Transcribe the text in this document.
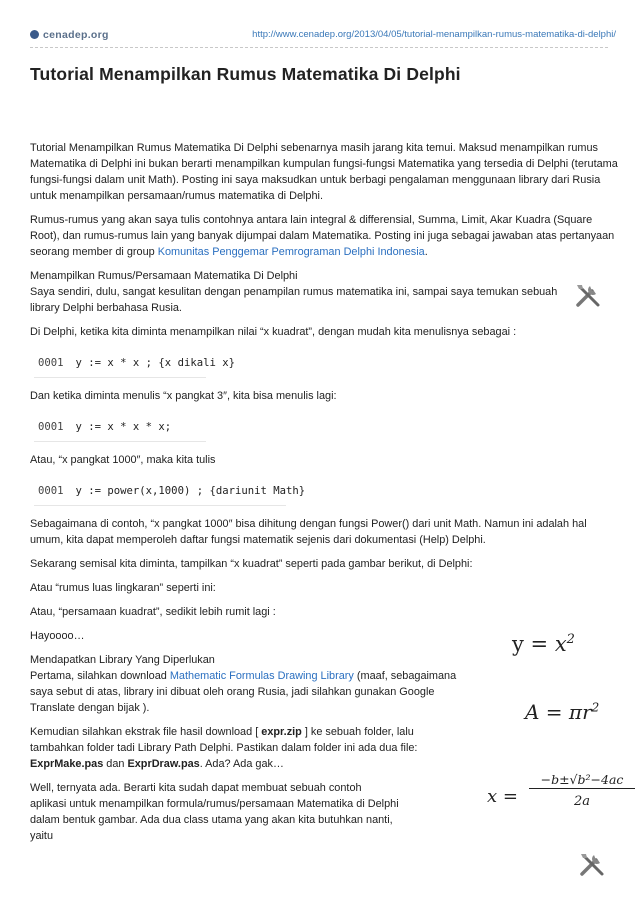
cenadep.org	http://www.cenadep.org/2013/04/05/tutorial-menampilkan-rumus-matematika-di-delphi/
Tutorial Menampilkan Rumus Matematika Di Delphi

Tutorial Menampilkan Rumus Matematika Di Delphi sebenarnya masih jarang kita temui. Maksud menampilkan rumus Matematika di Delphi ini bukan berarti menampilkan kumpulan fungsi-fungsi Matematika yang tersedia di Delphi (terutama fungsi-fungsi dalam unit Math). Posting ini saya maksudkan untuk berbagi pengalaman menggunaan library dari Rusia untuk menampilkan persamaan/rumus matematika di Delphi.

Rumus-rumus yang akan saya tulis contohnya antara lain integral & differensial, Summa, Limit, Akar Kuadra (Square Root), dan rumus-rumus lain yang banyak dijumpai dalam Matematika. Posting ini juga sebagai jawaban atas pertanyaan seorang member di group Komunitas Penggemar Pemrograman Delphi Indonesia.

Menampilkan Rumus/Persamaan Matematika Di Delphi
Saya sendiri, dulu, sangat kesulitan dengan penampilan rumus matematika ini, sampai saya temukan sebuah library Delphi berbahasa Rusia.

Di Delphi, ketika kita diminta menampilkan nilai “x kuadrat”, dengan mudah kita menulisnya sebagai :

0001 y := x * x ; {x dikali x}

Dan ketika diminta menulis “x pangkat 3″, kita bisa menulis lagi:

0001 y := x * x * x;

Atau, “x pangkat 1000″, maka kita tulis

0001 y := power(x,1000) ; {dariunit Math}

Sebagaimana di contoh, “x pangkat 1000″ bisa dihitung dengan fungsi Power() dari unit Math. Namun ini adalah hal umum, kita dapat memperoleh daftar fungsi matematik sejenis dari dokumentasi (Help) Delphi.

Sekarang semisal kita diminta, tampilkan “x kuadrat” seperti pada gambar berikut, di Delphi:

Atau “rumus luas lingkaran” seperti ini:

Atau, “persamaan kuadrat”, sedikit lebih rumit lagi :

Hayoooo…

Mendapatkan Library Yang Diperlukan
Pertama, silahkan download Mathematic Formulas Drawing Library (maaf, sebagaimana saya sebut di atas, library ini dibuat oleh orang Rusia, jadi silahkan gunakan Google Translate dengan bijak ).

Kemudian silahkan ekstrak file hasil download [ expr.zip ] ke sebuah folder, lalu tambahkan folder tadi Library Path Delphi. Pastikan dalam folder ini ada dua file: ExprMake.pas dan ExprDraw.pas. Ada? Ada gak…

Well, ternyata ada. Berarti kita sudah dapat membuat sebuah contoh aplikasi untuk menampilkan formula/rumus/persamaan Matematika di Delphi dalam bentuk gambar. Ada dua class utama yang akan kita butuhkan nanti, yaitu

$y = x^2$
$A = \pi r^2$
x =
−b±√b²−4ac
2a
